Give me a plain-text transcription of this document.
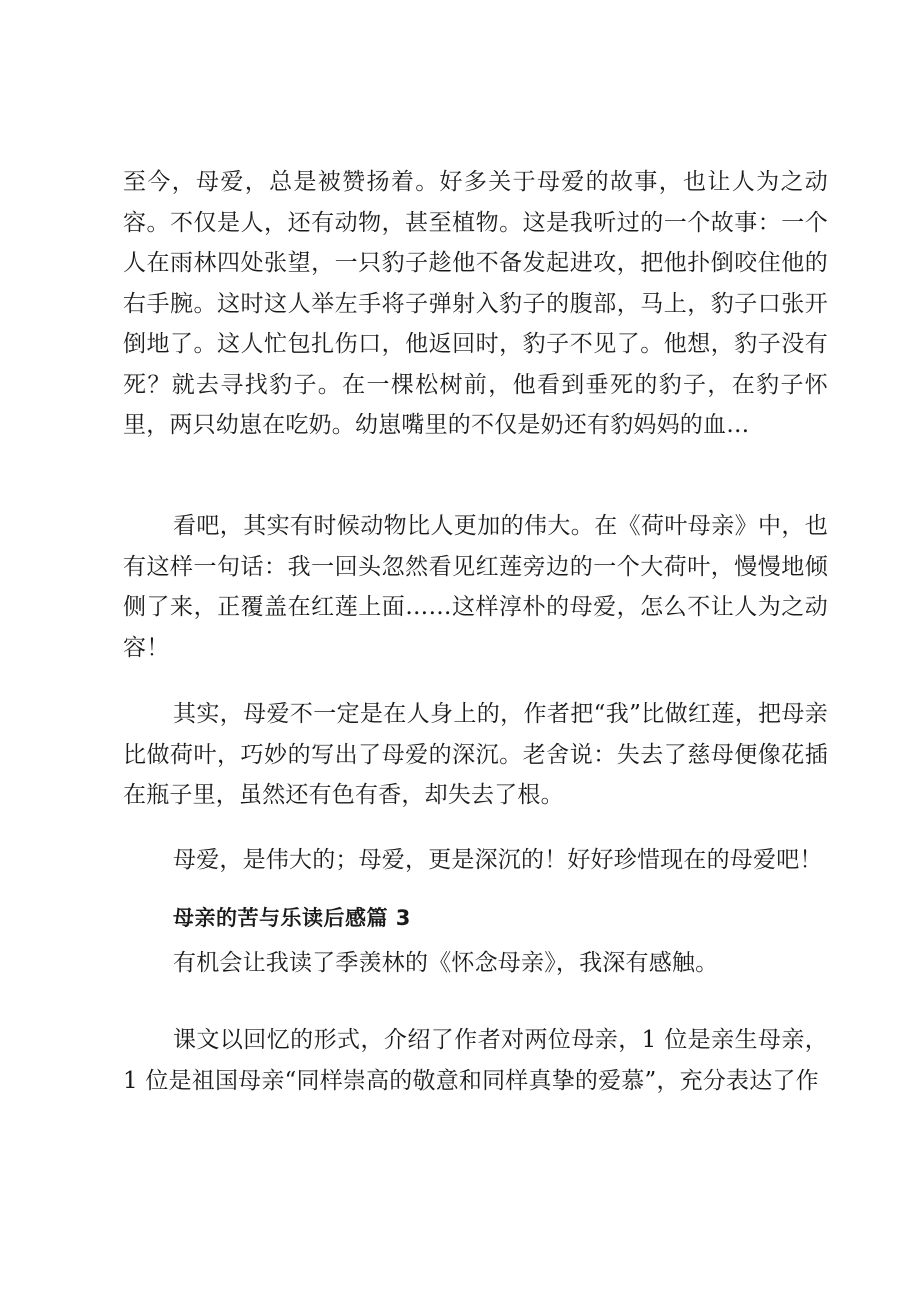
至今，母爱，总是被赞扬着。好多关于母爱的故事，也让人为之动容。不仅是人，还有动物，甚至植物。这是我听过的一个故事：一个人在雨林四处张望，一只豹子趁他不备发起进攻，把他扑倒咬住他的右手腕。这时这人举左手将子弹射入豹子的腹部，马上，豹子口张开倒地了。这人忙包扎伤口，他返回时，豹子不见了。他想，豹子没有死？就去寻找豹子。在一棵松树前，他看到垂死的豹子，在豹子怀里，两只幼崽在吃奶。幼崽嘴里的不仅是奶还有豹妈妈的血…

看吧，其实有时候动物比人更加的伟大。在《荷叶母亲》中，也有这样一句话：我一回头忽然看见红莲旁边的一个大荷叶，慢慢地倾侧了来，正覆盖在红莲上面……这样淳朴的母爱，怎么不让人为之动容！

其实，母爱不一定是在人身上的，作者把“我”比做红莲，把母亲比做荷叶，巧妙的写出了母爱的深沉。老舍说：失去了慈母便像花插在瓶子里，虽然还有色有香，却失去了根。

母爱，是伟大的；母爱，更是深沉的！好好珍惜现在的母爱吧！

母亲的苦与乐读后感篇 3

有机会让我读了季羡林的《怀念母亲》，我深有感触。

课文以回忆的形式，介绍了作者对两位母亲，1 位是亲生母亲，1 位是祖国母亲“同样崇高的敬意和同样真挚的爱慕”，充分表达了作
